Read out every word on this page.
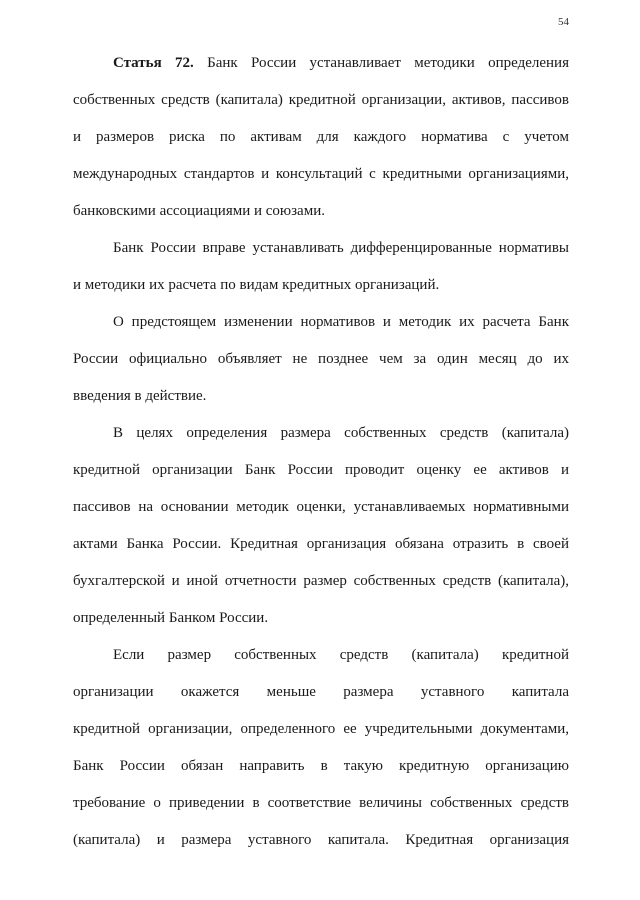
54
Статья 72. Банк России устанавливает методики определения
собственных средств (капитала) кредитной организации, активов, пассивов
и размеров риска по активам для каждого норматива с учетом
международных стандартов и консультаций с кредитными организациями,
банковскими ассоциациями и союзами.
Банк России вправе устанавливать дифференцированные нормативы
и методики их расчета по видам кредитных организаций.
О предстоящем изменении нормативов и методик их расчета Банк
России официально объявляет не позднее чем за один месяц до их
введения в действие.
В целях определения размера собственных средств (капитала)
кредитной организации Банк России проводит оценку ее активов и
пассивов на основании методик оценки, устанавливаемых нормативными
актами Банка России. Кредитная организация обязана отразить в своей
бухгалтерской и иной отчетности размер собственных средств (капитала),
определенный Банком России.
Если размер собственных средств (капитала) кредитной
организации окажется меньше размера уставного капитала
кредитной организации, определенного ее учредительными документами,
Банк России обязан направить в такую кредитную организацию
требование о приведении в соответствие величины собственных средств
(капитала) и размера уставного капитала. Кредитная организация
